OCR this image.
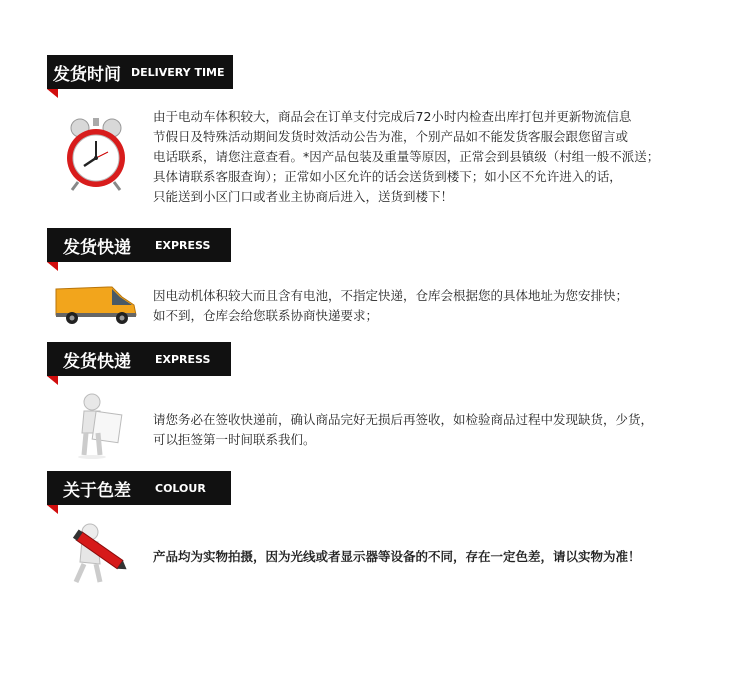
发货时间 DELIVERY TIME
由于电动车体积较大，商品会在订单支付完成后72小时内检查出库打包并更新物流信息
节假日及特殊活动期间发货时效活动公告为准，个别产品如不能发货客服会跟您留言或
电话联系，请您注意查看。*因产品包装及重量等原因，正常会到县镇级（村组一般不派送；
具体请联系客服查询）；正常如小区允许的话会送货到楼下；如小区不允许进入的话，
只能送到小区门口或者业主协商后进入，送货到楼下！
发货快递 EXPRESS
因电动机体积较大而且含有电池，不指定快递，仓库会根据您的具体地址为您安排快；
如不到，仓库会给您联系协商快递要求；
发货快递 EXPRESS
请您务必在签收快递前，确认商品完好无损后再签收，如检验商品过程中发现缺货，少货，
可以拒签第一时间联系我们。
关于色差 COLOUR
产品均为实物拍摄，因为光线或者显示器等设备的不同，存在一定色差，请以实物为准！
